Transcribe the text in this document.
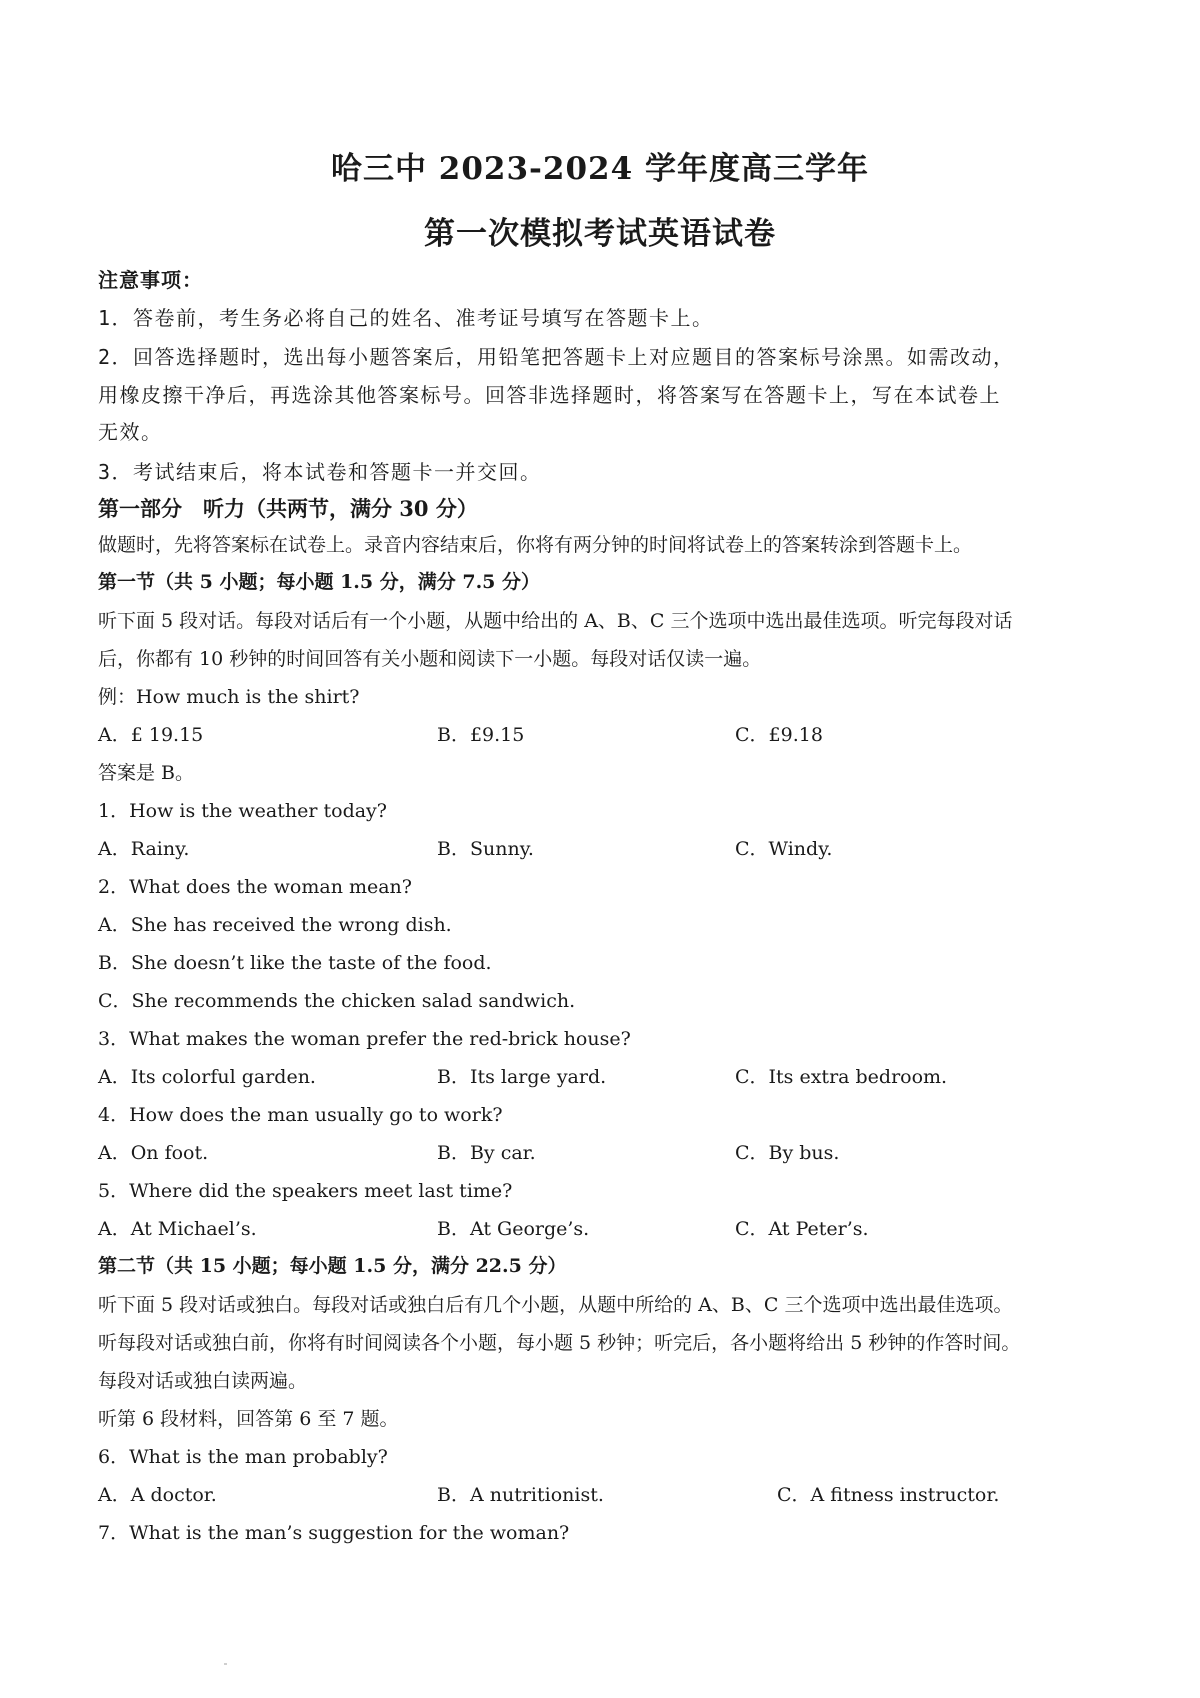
哈三中 2023-2024 学年度高三学年
第一次模拟考试英语试卷
注意事项：
1．答卷前，考生务必将自己的姓名、准考证号填写在答题卡上。
2．回答选择题时，选出每小题答案后，用铅笔把答题卡上对应题目的答案标号涂黑。如需改动，
用橡皮擦干净后，再选涂其他答案标号。回答非选择题时，将答案写在答题卡上，写在本试卷上
无效。
3．考试结束后，将本试卷和答题卡一并交回。
第一部分　听力（共两节，满分 30 分）
做题时，先将答案标在试卷上。录音内容结束后，你将有两分钟的时间将试卷上的答案转涂到答题卡上。
第一节（共 5 小题；每小题 1.5 分，满分 7.5 分）
听下面 5 段对话。每段对话后有一个小题，从题中给出的 A、B、C 三个选项中选出最佳选项。听完每段对话
后，你都有 10 秒钟的时间回答有关小题和阅读下一小题。每段对话仅读一遍。
例：How much is the shirt?
A．£ 19.15	B．£9.15	C．£9.18
答案是 B。
1．How is the weather today?
A．Rainy.	B．Sunny.	C．Windy.
2．What does the woman mean?
A．She has received the wrong dish.
B．She doesn’t like the taste of the food.
C．She recommends the chicken salad sandwich.
3．What makes the woman prefer the red-brick house?
A．Its colorful garden.	B．Its large yard.	C．Its extra bedroom.
4．How does the man usually go to work?
A．On foot.	B．By car.	C．By bus.
5．Where did the speakers meet last time?
A．At Michael’s.	B．At George’s.	C．At Peter’s.
第二节（共 15 小题；每小题 1.5 分，满分 22.5 分）
听下面 5 段对话或独白。每段对话或独白后有几个小题，从题中所给的 A、B、C 三个选项中选出最佳选项。
听每段对话或独白前，你将有时间阅读各个小题，每小题 5 秒钟；听完后，各小题将给出 5 秒钟的作答时间。
每段对话或独白读两遍。
听第 6 段材料，回答第 6 至 7 题。
6．What is the man probably?
A．A doctor.	B．A nutritionist.	C．A fitness instructor.
7．What is the man’s suggestion for the woman?
